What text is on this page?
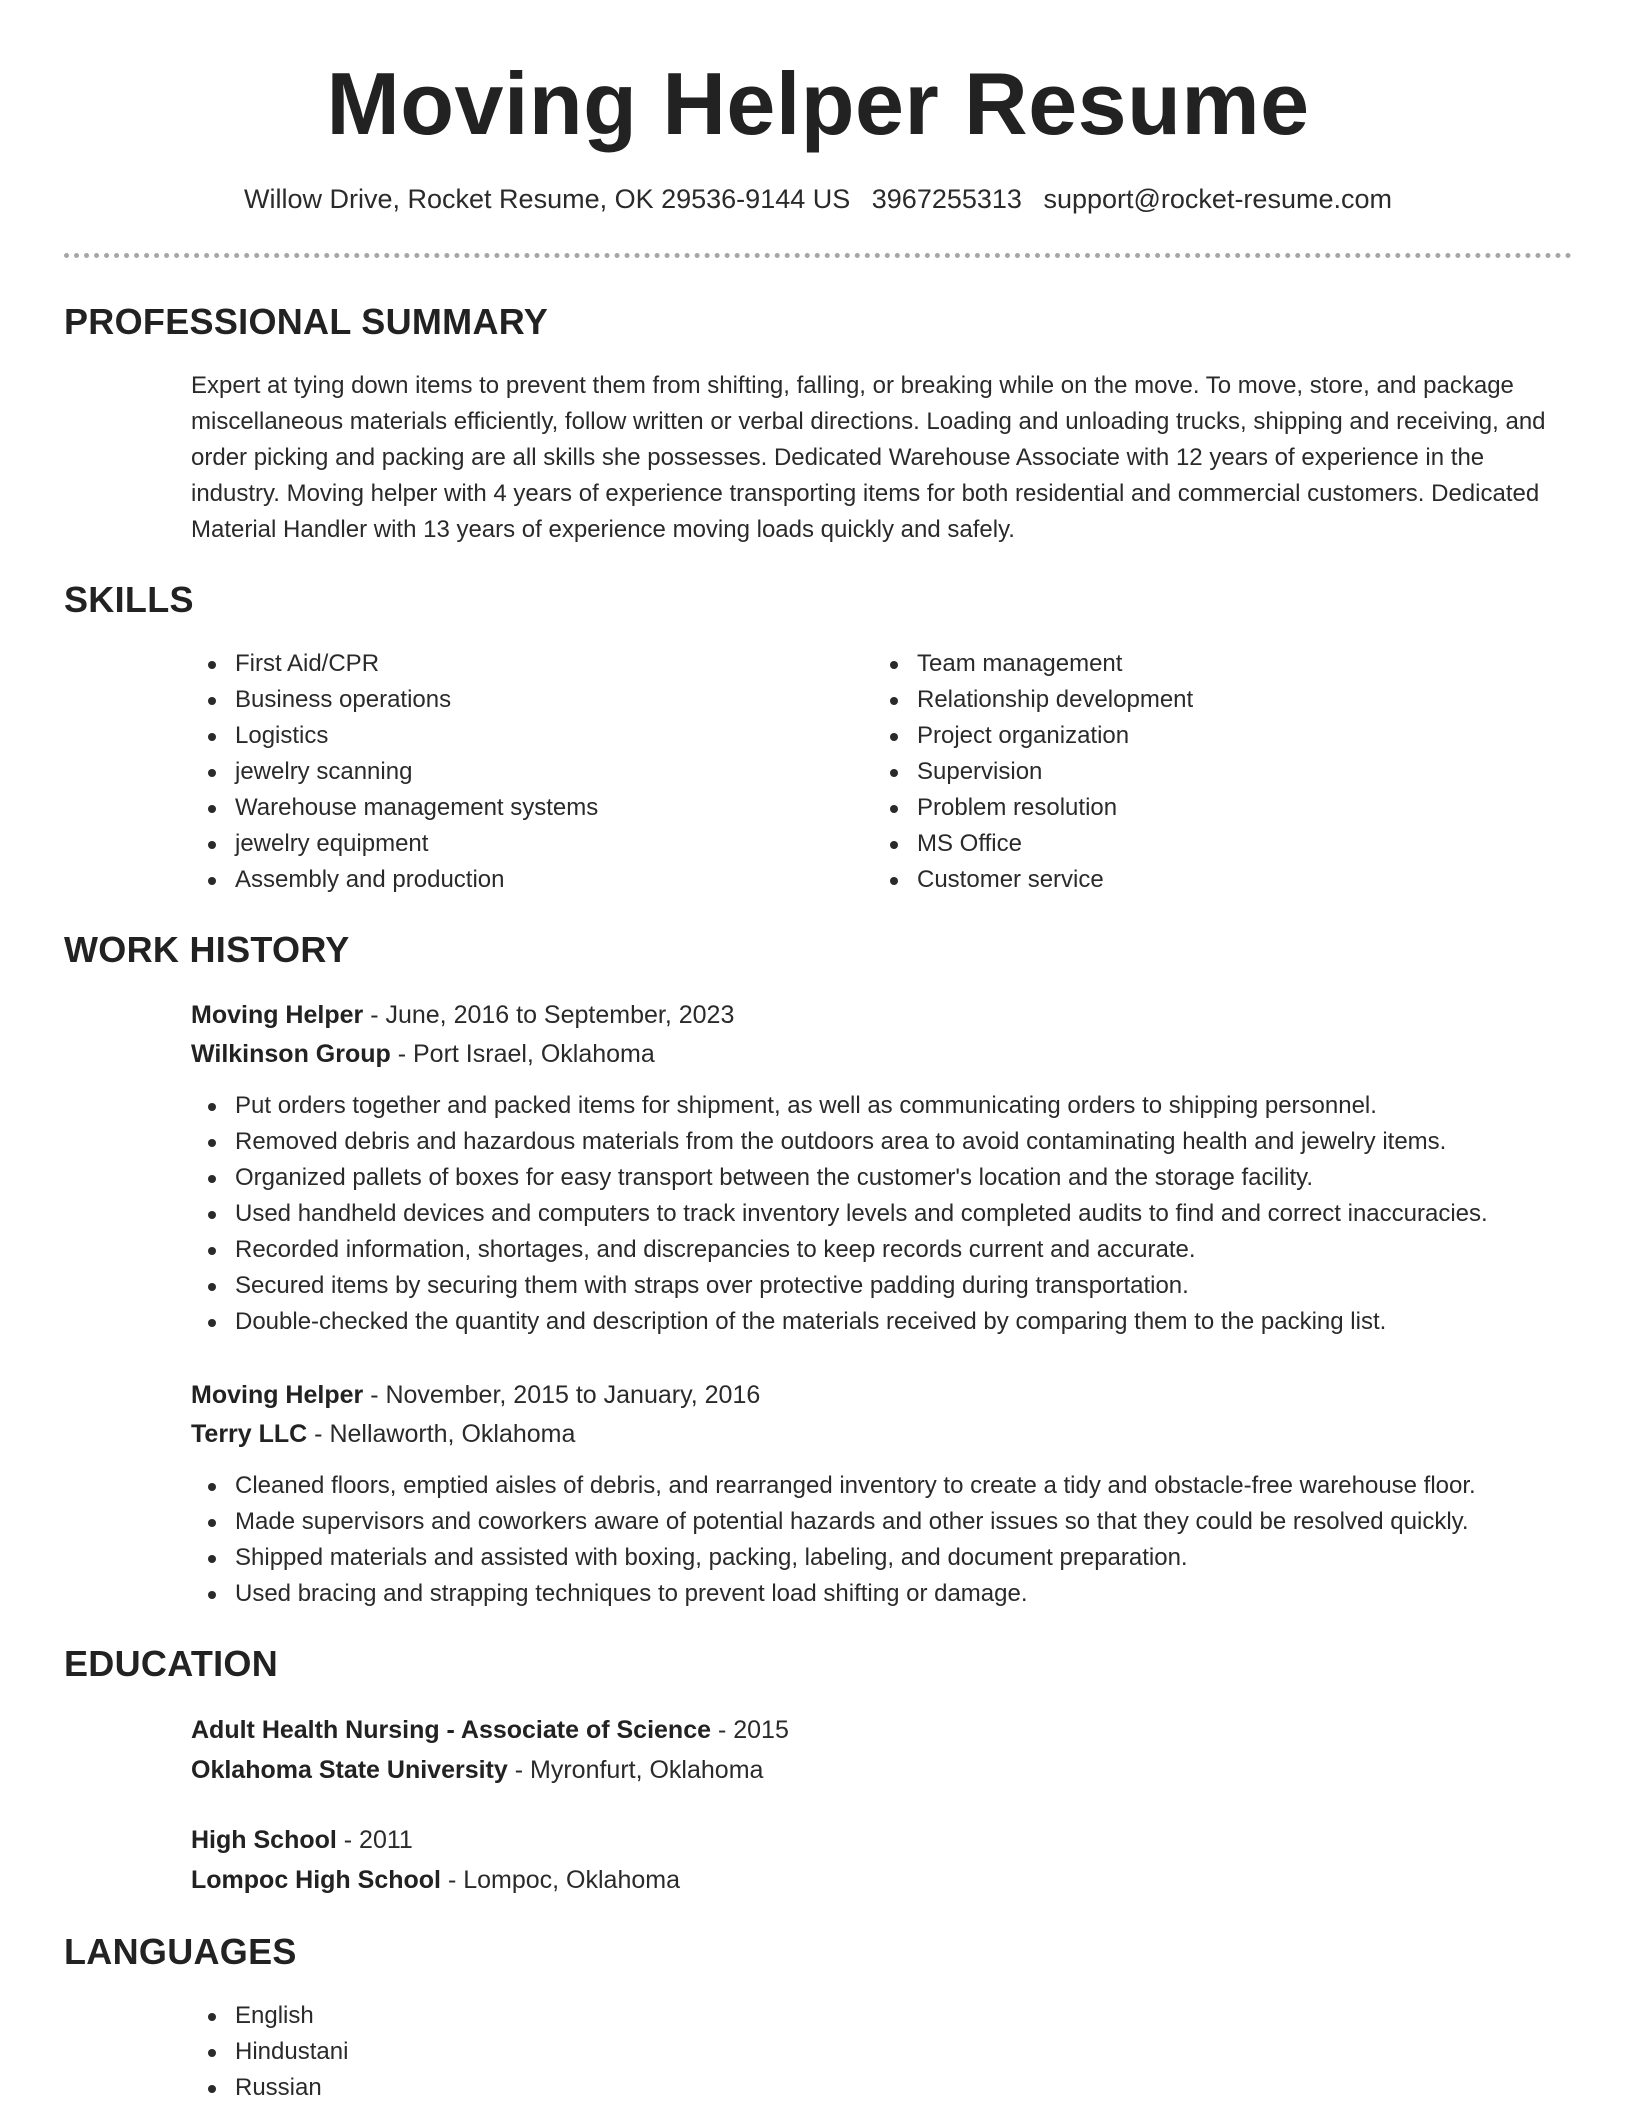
Moving Helper Resume
Willow Drive, Rocket Resume, OK 29536-9144 US 3967255313 support@rocket-resume.com
PROFESSIONAL SUMMARY
Expert at tying down items to prevent them from shifting, falling, or breaking while on the move. To move, store, and package miscellaneous materials efficiently, follow written or verbal directions. Loading and unloading trucks, shipping and receiving, and order picking and packing are all skills she possesses. Dedicated Warehouse Associate with 12 years of experience in the industry. Moving helper with 4 years of experience transporting items for both residential and commercial customers. Dedicated Material Handler with 13 years of experience moving loads quickly and safely.
SKILLS
First Aid/CPR
Business operations
Logistics
jewelry scanning
Warehouse management systems
jewelry equipment
Assembly and production
Team management
Relationship development
Project organization
Supervision
Problem resolution
MS Office
Customer service
WORK HISTORY
Moving Helper - June, 2016 to September, 2023
Wilkinson Group - Port Israel, Oklahoma
Put orders together and packed items for shipment, as well as communicating orders to shipping personnel.
Removed debris and hazardous materials from the outdoors area to avoid contaminating health and jewelry items.
Organized pallets of boxes for easy transport between the customer's location and the storage facility.
Used handheld devices and computers to track inventory levels and completed audits to find and correct inaccuracies.
Recorded information, shortages, and discrepancies to keep records current and accurate.
Secured items by securing them with straps over protective padding during transportation.
Double-checked the quantity and description of the materials received by comparing them to the packing list.
Moving Helper - November, 2015 to January, 2016
Terry LLC - Nellaworth, Oklahoma
Cleaned floors, emptied aisles of debris, and rearranged inventory to create a tidy and obstacle-free warehouse floor.
Made supervisors and coworkers aware of potential hazards and other issues so that they could be resolved quickly.
Shipped materials and assisted with boxing, packing, labeling, and document preparation.
Used bracing and strapping techniques to prevent load shifting or damage.
EDUCATION
Adult Health Nursing - Associate of Science - 2015
Oklahoma State University - Myronfurt, Oklahoma
High School - 2011
Lompoc High School - Lompoc, Oklahoma
LANGUAGES
English
Hindustani
Russian
